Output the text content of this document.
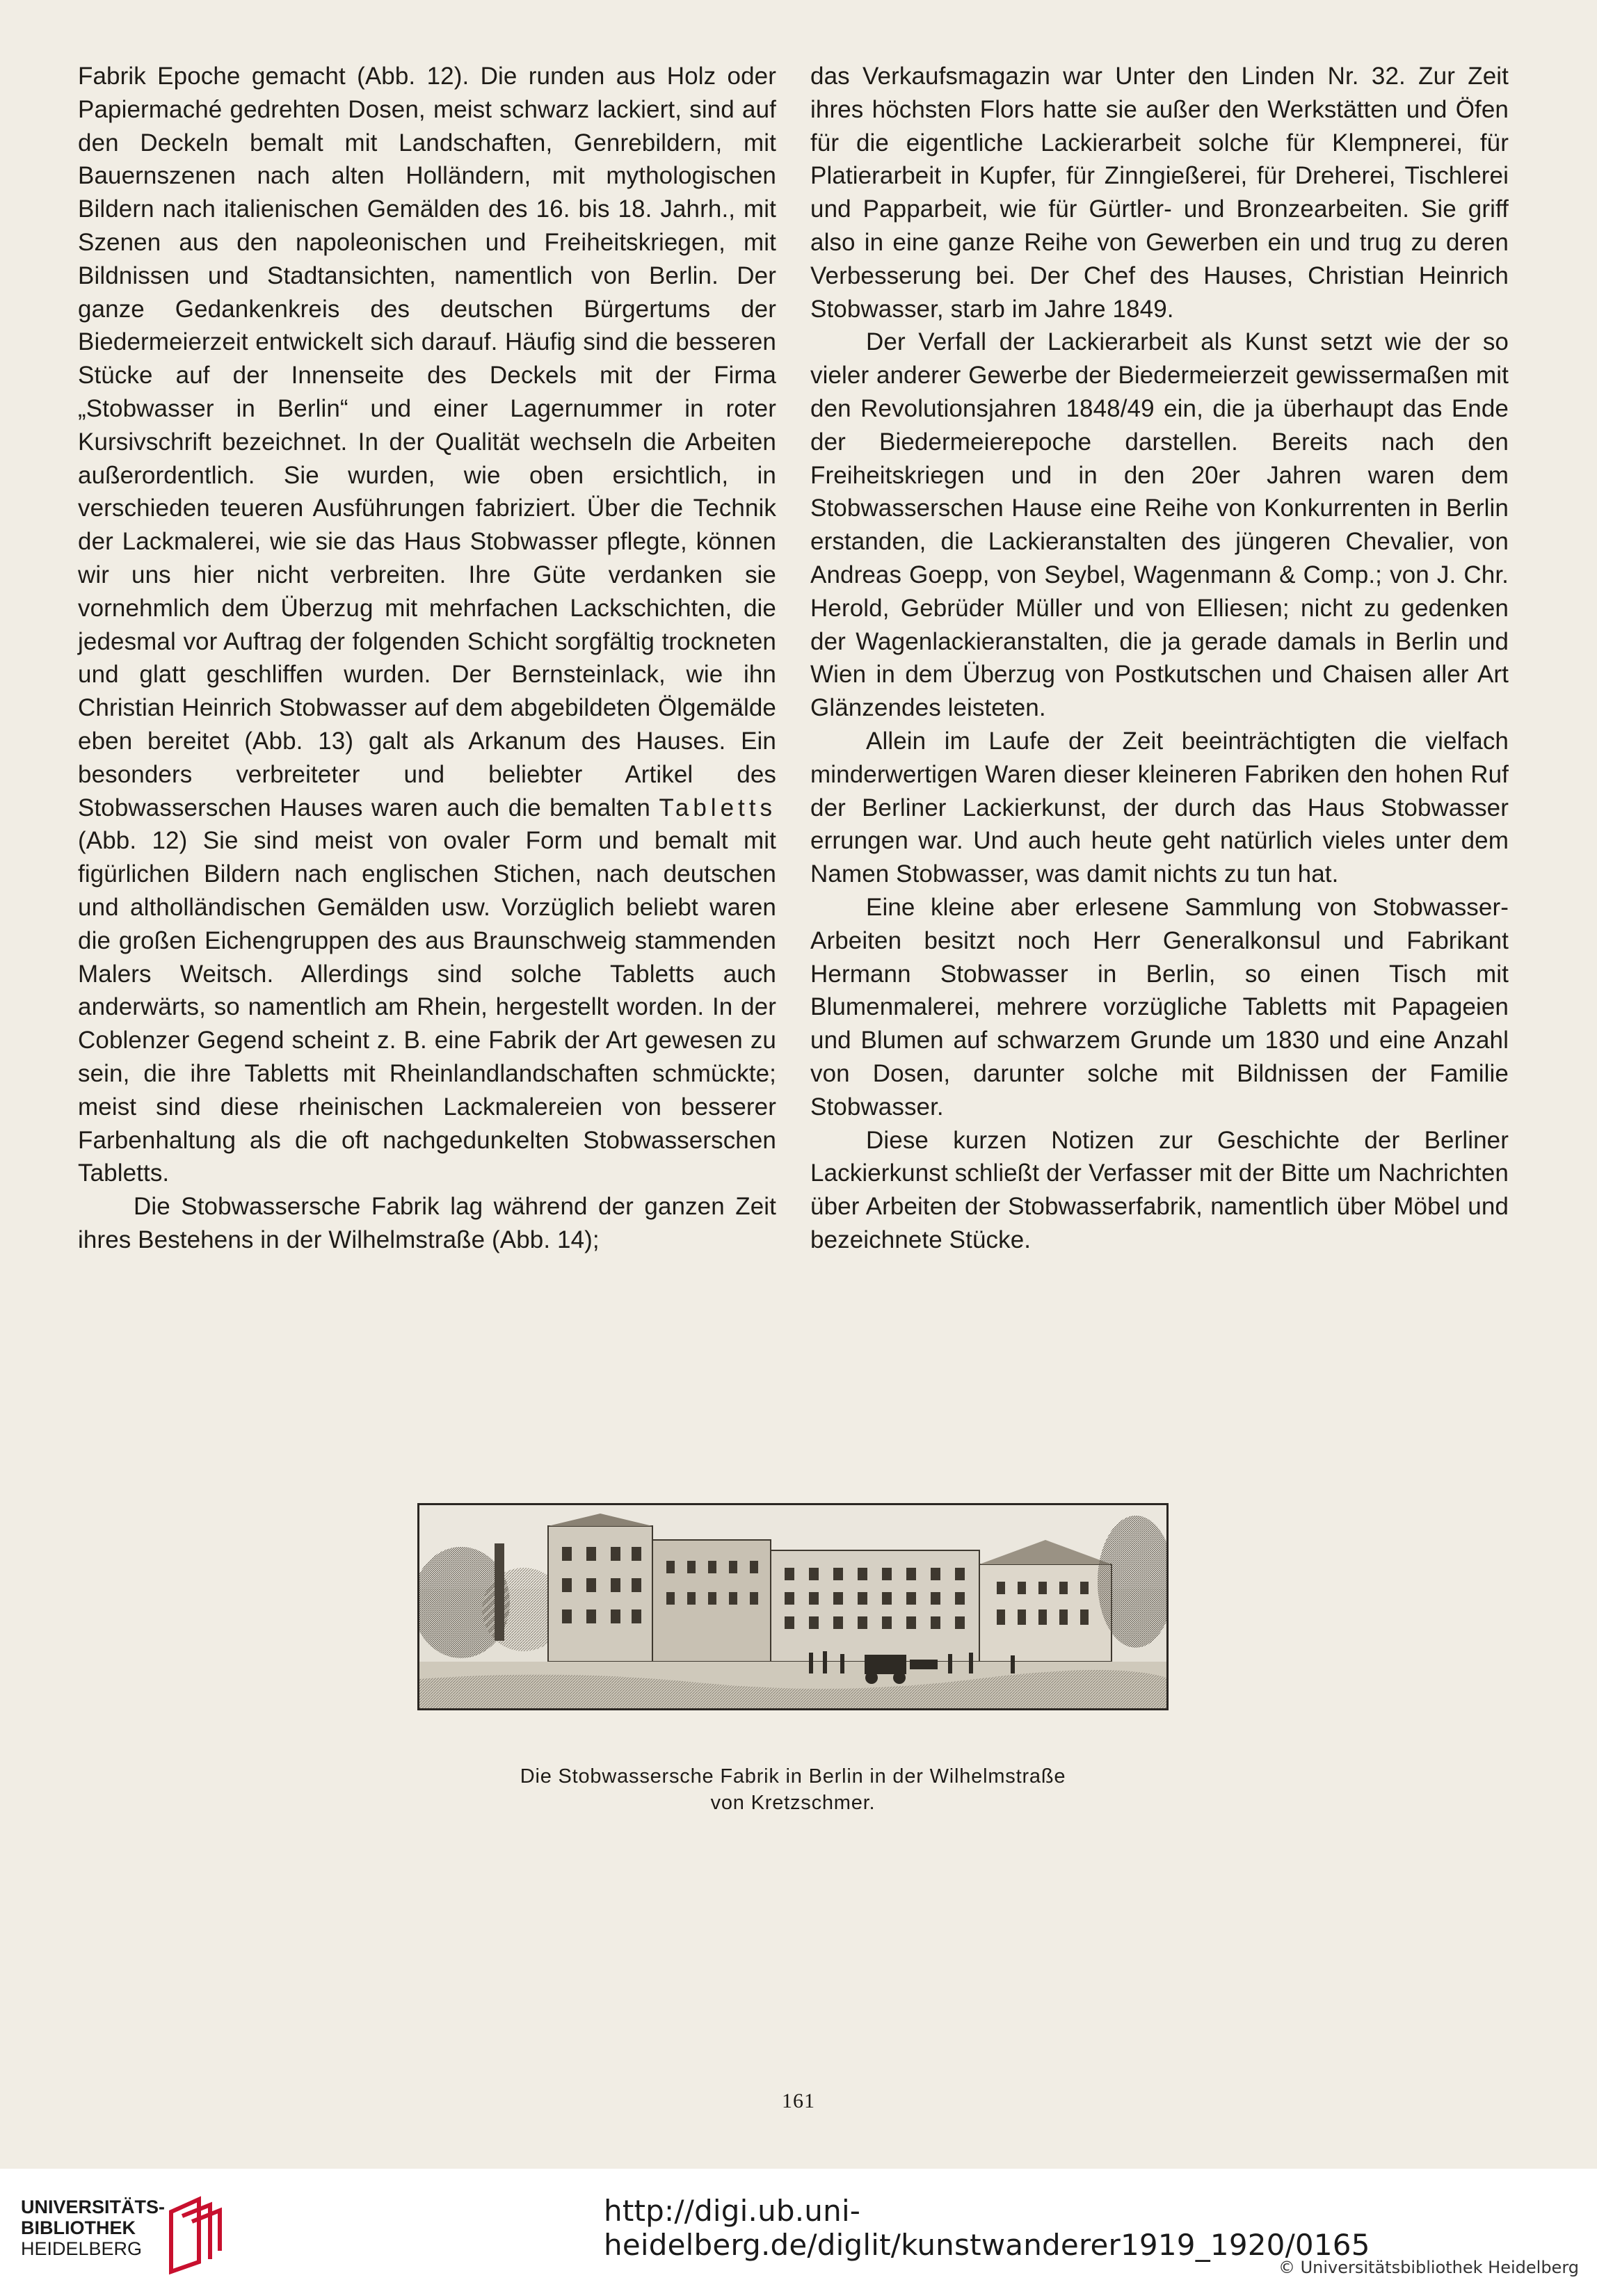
Fabrik Epoche gemacht (Abb. 12). Die runden aus Holz oder Papiermaché gedrehten Dosen, meist schwarz lackiert, sind auf den Deckeln bemalt mit Landschaften, Genrebildern, mit Bauernszenen nach alten Holländern, mit mythologischen Bildern nach italienischen Gemälden des 16. bis 18. Jahrh., mit Szenen aus den napoleonischen und Freiheitskriegen, mit Bildnissen und Stadtansichten, namentlich von Berlin. Der ganze Gedankenkreis des deutschen Bürgertums der Biedermeierzeit entwickelt sich darauf. Häufig sind die besseren Stücke auf der Innenseite des Deckels mit der Firma „Stobwasser in Berlin“ und einer Lagernummer in roter Kursivschrift bezeichnet. In der Qualität wechseln die Arbeiten außerordentlich. Sie wurden, wie oben ersichtlich, in verschieden teueren Ausführungen fabriziert. Über die Technik der Lackmalerei, wie sie das Haus Stobwasser pflegte, können wir uns hier nicht verbreiten. Ihre Güte verdanken sie vornehmlich dem Überzug mit mehrfachen Lackschichten, die jedesmal vor Auftrag der folgenden Schicht sorgfältig trockneten und glatt geschliffen wurden. Der Bernsteinlack, wie ihn Christian Heinrich Stobwasser auf dem abgebildeten Ölgemälde eben bereitet (Abb. 13) galt als Arkanum des Hauses. Ein besonders verbreiteter und beliebter Artikel des Stobwasserschen Hauses waren auch die bemalten Tabletts (Abb. 12) Sie sind meist von ovaler Form und bemalt mit figürlichen Bildern nach englischen Stichen, nach deutschen und altholländischen Gemälden usw. Vorzüglich beliebt waren die großen Eichengruppen des aus Braunschweig stammenden Malers Weitsch. Allerdings sind solche Tabletts auch anderwärts, so namentlich am Rhein, hergestellt worden. In der Coblenzer Gegend scheint z. B. eine Fabrik der Art gewesen zu sein, die ihre Tabletts mit Rheinlandlandschaften schmückte; meist sind diese rheinischen Lackmalereien von besserer Farbenhaltung als die oft nachgedunkelten Stobwasserschen Tabletts.

Die Stobwassersche Fabrik lag während der ganzen Zeit ihres Bestehens in der Wilhelmstraße (Abb. 14);

das Verkaufsmagazin war Unter den Linden Nr. 32. Zur Zeit ihres höchsten Flors hatte sie außer den Werkstätten und Öfen für die eigentliche Lackierarbeit solche für Klempnerei, für Platierarbeit in Kupfer, für Zinngießerei, für Dreherei, Tischlerei und Papparbeit, wie für Gürtler- und Bronzearbeiten. Sie griff also in eine ganze Reihe von Gewerben ein und trug zu deren Verbesserung bei. Der Chef des Hauses, Christian Heinrich Stobwasser, starb im Jahre 1849.

Der Verfall der Lackierarbeit als Kunst setzt wie der so vieler anderer Gewerbe der Biedermeierzeit gewissermaßen mit den Revolutionsjahren 1848/49 ein, die ja überhaupt das Ende der Biedermeierepoche darstellen. Bereits nach den Freiheitskriegen und in den 20er Jahren waren dem Stobwasserschen Hause eine Reihe von Konkurrenten in Berlin erstanden, die Lackieranstalten des jüngeren Chevalier, von Andreas Goepp, von Seybel, Wagenmann & Comp.; von J. Chr. Herold, Gebrüder Müller und von Elliesen; nicht zu gedenken der Wagenlackieranstalten, die ja gerade damals in Berlin und Wien in dem Überzug von Postkutschen und Chaisen aller Art Glänzendes leisteten.

Allein im Laufe der Zeit beeinträchtigten die vielfach minderwertigen Waren dieser kleineren Fabriken den hohen Ruf der Berliner Lackierkunst, der durch das Haus Stobwasser errungen war. Und auch heute geht natürlich vieles unter dem Namen Stobwasser, was damit nichts zu tun hat.

Eine kleine aber erlesene Sammlung von Stobwasser-Arbeiten besitzt noch Herr Generalkonsul und Fabrikant Hermann Stobwasser in Berlin, so einen Tisch mit Blumenmalerei, mehrere vorzügliche Tabletts mit Papageien und Blumen auf schwarzem Grunde um 1830 und eine Anzahl von Dosen, darunter solche mit Bildnissen der Familie Stobwasser.

Diese kurzen Notizen zur Geschichte der Berliner Lackierkunst schließt der Verfasser mit der Bitte um Nachrichten über Arbeiten der Stobwasserfabrik, namentlich über Möbel und bezeichnete Stücke.

Die Stobwassersche Fabrik in Berlin in der Wilhelmstraße
von Kretzschmer.
161
UNIVERSITÄTS-
BIBLIOTHEK
HEIDELBERG
http://digi.ub.uni-heidelberg.de/diglit/kunstwanderer1919_1920/0165
© Universitätsbibliothek Heidelberg
